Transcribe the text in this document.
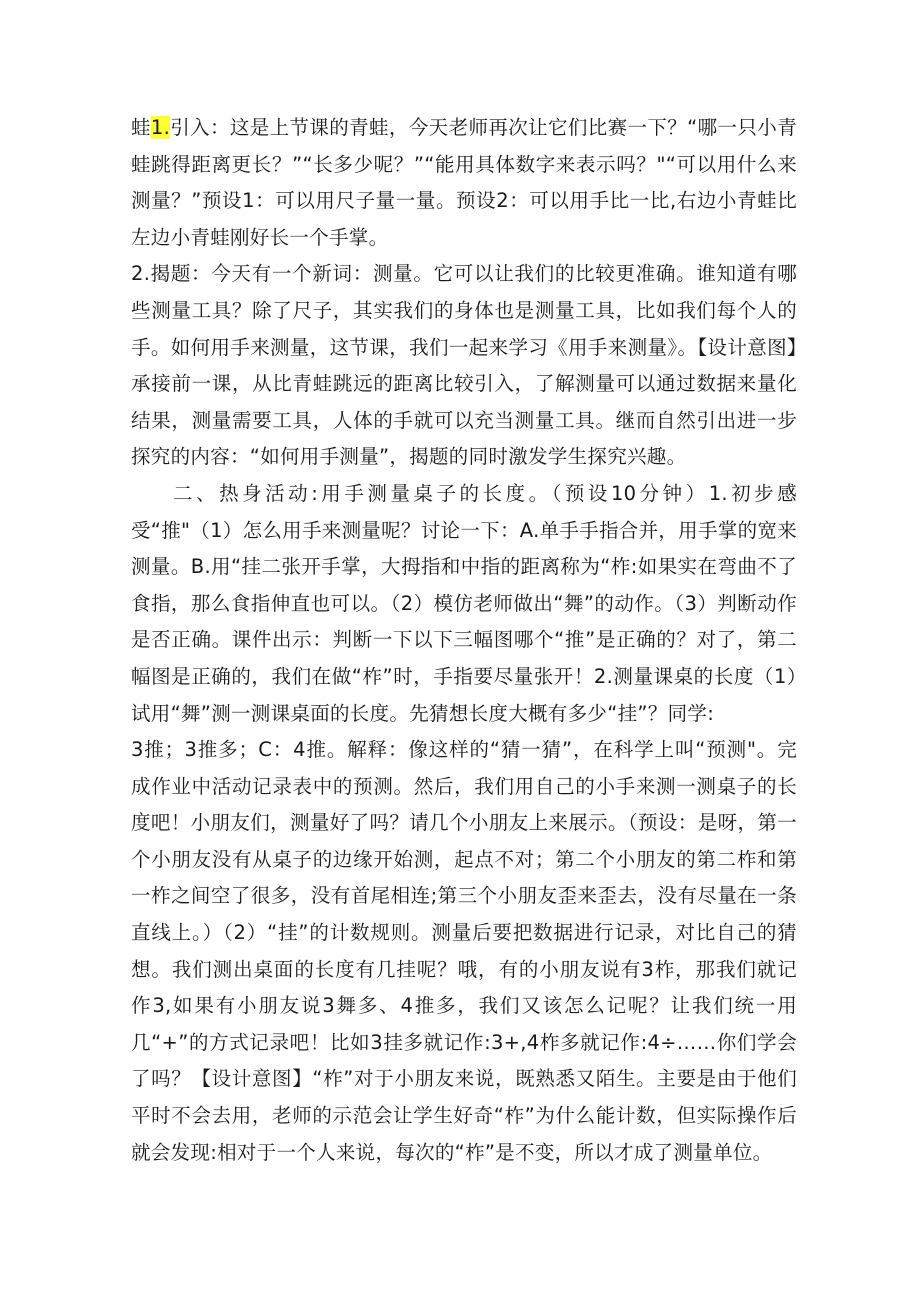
蛙1.引入：这是上节课的青蛙，今天老师再次让它们比赛一下？“哪一只小青蛙跳得距离更长？”“长多少呢？”“能用具体数字来表示吗？"“可以用什么来测量？”预设1：可以用尺子量一量。预设2：可以用手比一比,右边小青蛙比左边小青蛙刚好长一个手掌。

2.揭题：今天有一个新词：测量。它可以让我们的比较更准确。谁知道有哪些测量工具？除了尺子，其实我们的身体也是测量工具，比如我们每个人的手。如何用手来测量，这节课，我们一起来学习《用手来测量》。【设计意图】承接前一课，从比青蛙跳远的距离比较引入，了解测量可以通过数据来量化结果，测量需要工具，人体的手就可以充当测量工具。继而自然引出进一步探究的内容：“如何用手测量”，揭题的同时激发学生探究兴趣。

二、热身活动:用手测量桌子的长度。（预设10分钟）1.初步感受“推"（1）怎么用手来测量呢？讨论一下：A.单手手指合并，用手掌的宽来测量。B.用“挂二张开手掌，大拇指和中指的距离称为“柞:如果实在弯曲不了食指，那么食指伸直也可以。（2）模仿老师做出“舞”的动作。（3）判断动作是否正确。课件出示：判断一下以下三幅图哪个“推”是正确的？对了，第二幅图是正确的，我们在做“柞”时，手指要尽量张开！2.测量课桌的长度（1）试用“舞”测一测课桌面的长度。先猜想长度大概有多少“挂”？同学:

3推；3推多；C：4推。解释：像这样的“猜一猜”，在科学上叫“预测"。完成作业中活动记录表中的预测。然后，我们用自己的小手来测一测桌子的长度吧！小朋友们，测量好了吗？请几个小朋友上来展示。（预设：是呀，第一个小朋友没有从桌子的边缘开始测，起点不对；第二个小朋友的第二柞和第一柞之间空了很多，没有首尾相连;第三个小朋友歪来歪去，没有尽量在一条直线上。）（2）“挂”的计数规则。测量后要把数据进行记录，对比自己的猜想。我们测出桌面的长度有几挂呢？哦，有的小朋友说有3柞，那我们就记作3,如果有小朋友说3舞多、4推多，我们又该怎么记呢？让我们统一用几“+”的方式记录吧！比如3挂多就记作:3+,4柞多就记作:4÷……你们学会了吗？【设计意图】“柞”对于小朋友来说，既熟悉又陌生。主要是由于他们平时不会去用，老师的示范会让学生好奇“柞”为什么能计数，但实际操作后就会发现:相对于一个人来说，每次的“柞”是不变，所以才成了测量单位。
